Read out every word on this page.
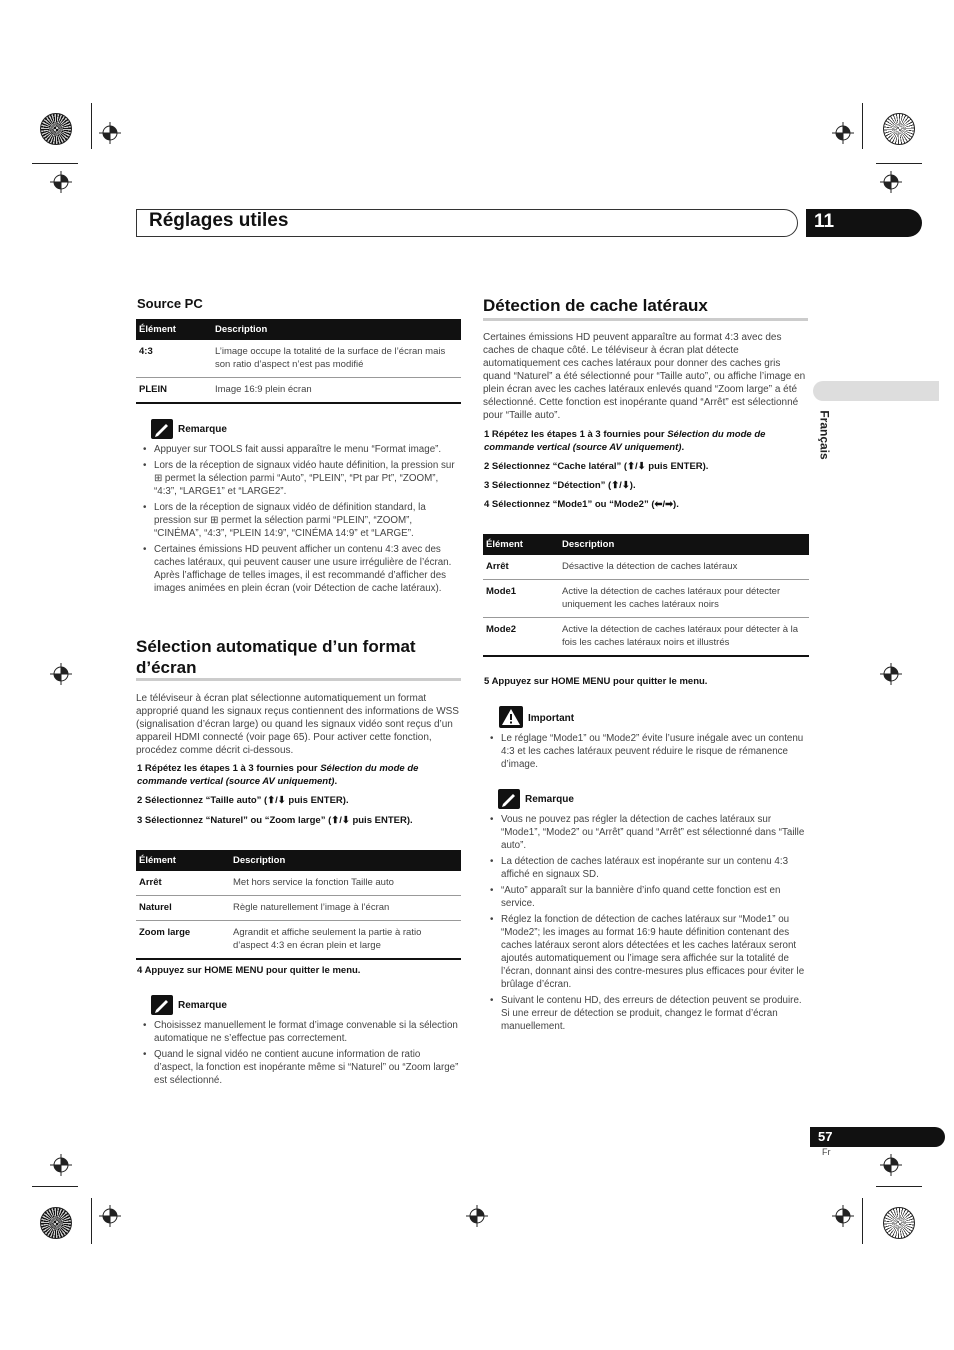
Réglages utiles	11
Français
Source PC
Élément	Description
4:3	L’image occupe la totalité de la surface de l’écran mais son ratio d’aspect n’est pas modifié
PLEIN	Image 16:9 plein écran
Remarque
• Appuyer sur TOOLS fait aussi apparaître le menu “Format image”.
• Lors de la réception de signaux vidéo haute définition, la pression sur ⊞ permet la sélection parmi “Auto”, “PLEIN”, “Pt par Pt”, “ZOOM”, “4:3”, “LARGE1” et “LARGE2”.
• Lors de la réception de signaux vidéo de définition standard, la pression sur ⊞ permet la sélection parmi “PLEIN”, “ZOOM”, “CINÉMA”, “4:3”, “PLEIN 14:9”, “CINÉMA 14:9” et “LARGE”.
• Certaines émissions HD peuvent afficher un contenu 4:3 avec des caches latéraux, qui peuvent causer une usure irrégulière de l’écran. Après l’affichage de telles images, il est recommandé d’afficher des images animées en plein écran (voir Détection de cache latéraux).
Sélection automatique d’un format
d’écran
Le téléviseur à écran plat sélectionne automatiquement un format approprié quand les signaux reçus contiennent des informations de WSS (signalisation d’écran large) ou quand les signaux vidéo sont reçus d’un appareil HDMI connecté (voir page 65). Pour activer cette fonction, procédez comme décrit ci-dessous.
1 Répétez les étapes 1 à 3 fournies pour Sélection du mode de commande vertical (source AV uniquement).
2 Sélectionnez “Taille auto” (⬆/⬇ puis ENTER).
3 Sélectionnez “Naturel” ou “Zoom large” (⬆/⬇ puis ENTER).
Élément	Description
Arrêt	Met hors service la fonction Taille auto
Naturel	Règle naturellement l’image à l’écran
Zoom large	Agrandit et affiche seulement la partie à ratio d’aspect 4:3 en écran plein et large
4 Appuyez sur HOME MENU pour quitter le menu.
Remarque
• Choisissez manuellement le format d’image convenable si la sélection automatique ne s’effectue pas correctement.
• Quand le signal vidéo ne contient aucune information de ratio d’aspect, la fonction est inopérante même si “Naturel” ou “Zoom large” est sélectionné.
Détection de cache latéraux
Certaines émissions HD peuvent apparaître au format 4:3 avec des caches de chaque côté. Le téléviseur à écran plat détecte automatiquement ces caches latéraux pour donner des caches gris quand “Naturel” a été sélectionné pour “Taille auto”, ou affiche l’image en plein écran avec les caches latéraux enlevés quand “Zoom large” a été sélectionné. Cette fonction est inopérante quand “Arrêt” est sélectionné pour “Taille auto”.
1 Répétez les étapes 1 à 3 fournies pour Sélection du mode de commande vertical (source AV uniquement).
2 Sélectionnez “Cache latéral” (⬆/⬇ puis ENTER).
3 Sélectionnez “Détection” (⬆/⬇).
4 Sélectionnez “Mode1” ou “Mode2” (⬅/➡).
Élément	Description
Arrêt	Désactive la détection de caches latéraux
Mode1	Active la détection de caches latéraux pour détecter uniquement les caches latéraux noirs
Mode2	Active la détection de caches latéraux pour détecter à la fois les caches latéraux noirs et illustrés
5 Appuyez sur HOME MENU pour quitter le menu.
Important
• Le réglage “Mode1” ou “Mode2” évite l’usure inégale avec un contenu 4:3 et les caches latéraux peuvent réduire le risque de rémanence d’image.
Remarque
• Vous ne pouvez pas régler la détection de caches latéraux sur “Mode1”, “Mode2” ou “Arrêt” quand “Arrêt” est sélectionné dans “Taille auto”.
• La détection de caches latéraux est inopérante sur un contenu 4:3 affiché en signaux SD.
• “Auto” apparaît sur la bannière d’info quand cette fonction est en service.
• Réglez la fonction de détection de caches latéraux sur “Mode1” ou “Mode2”; les images au format 16:9 haute définition contenant des caches latéraux seront alors détectées et les caches latéraux seront ajoutés automatiquement ou l’image sera affichée sur la totalité de l’écran, donnant ainsi des contre-mesures plus efficaces pour éviter le brûlage d’écran.
• Suivant le contenu HD, des erreurs de détection peuvent se produire. Si une erreur de détection se produit, changez le format d’écran manuellement.
57
Fr
